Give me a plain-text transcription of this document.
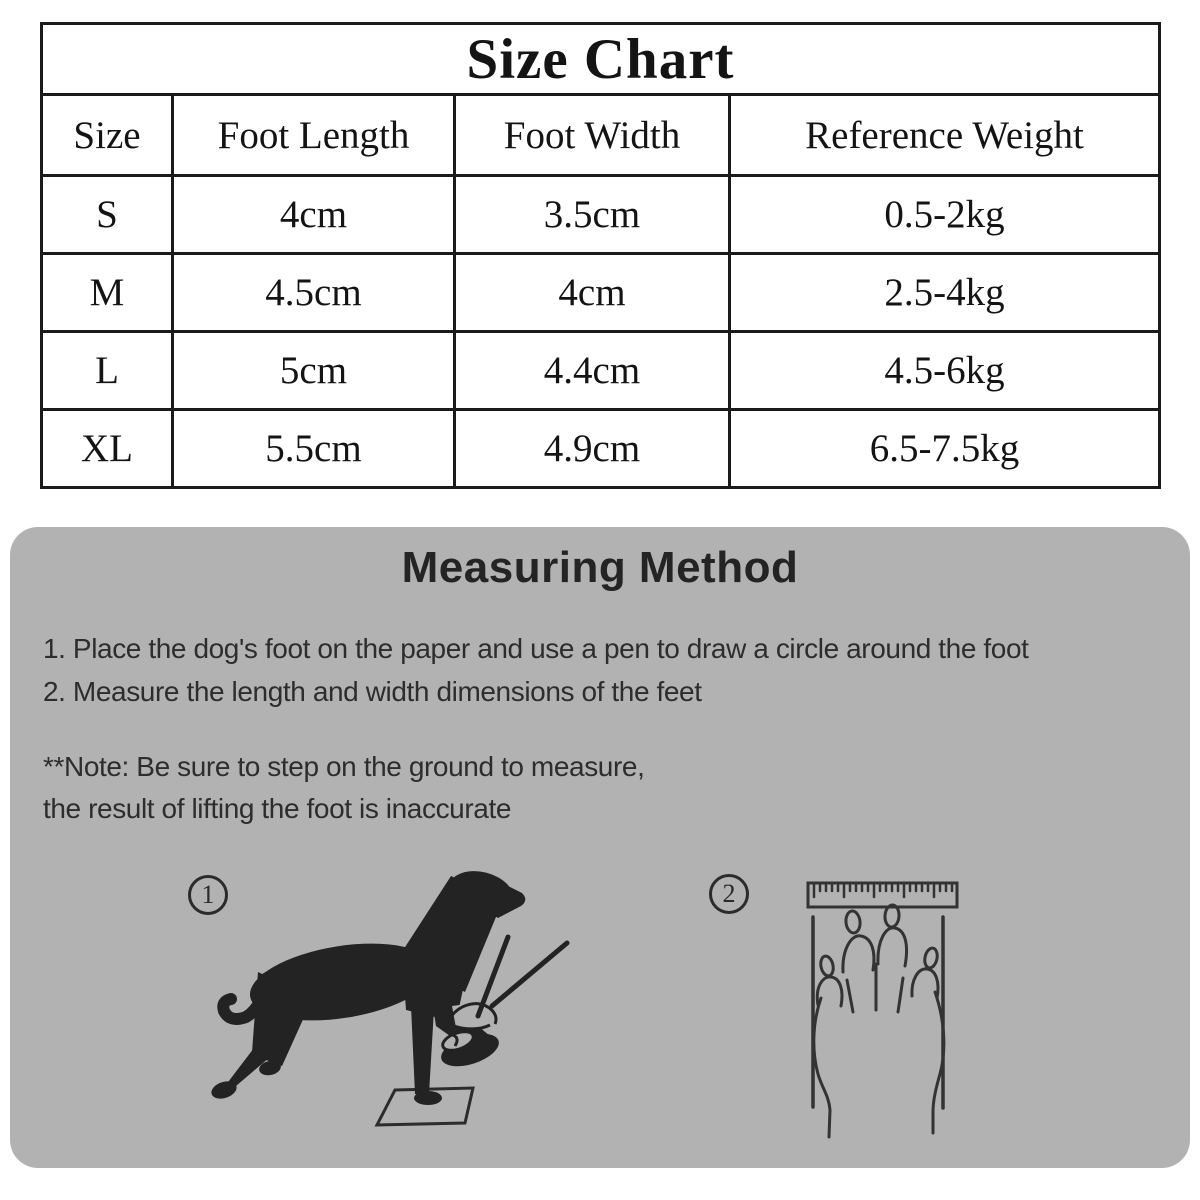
Size Chart			
Size	Foot Length	Foot Width	Reference Weight
S	4cm	3.5cm	0.5-2kg
M	4.5cm	4cm	2.5-4kg
L	5cm	4.4cm	4.5-6kg
XL	5.5cm	4.9cm	6.5-7.5kg
Measuring Method
1. Place the dog's foot on the paper and use a pen to draw a circle around the foot
2. Measure the length and width dimensions of the feet
**Note: Be sure to step on the ground to measure,
the result of lifting the foot is inaccurate
1	2
